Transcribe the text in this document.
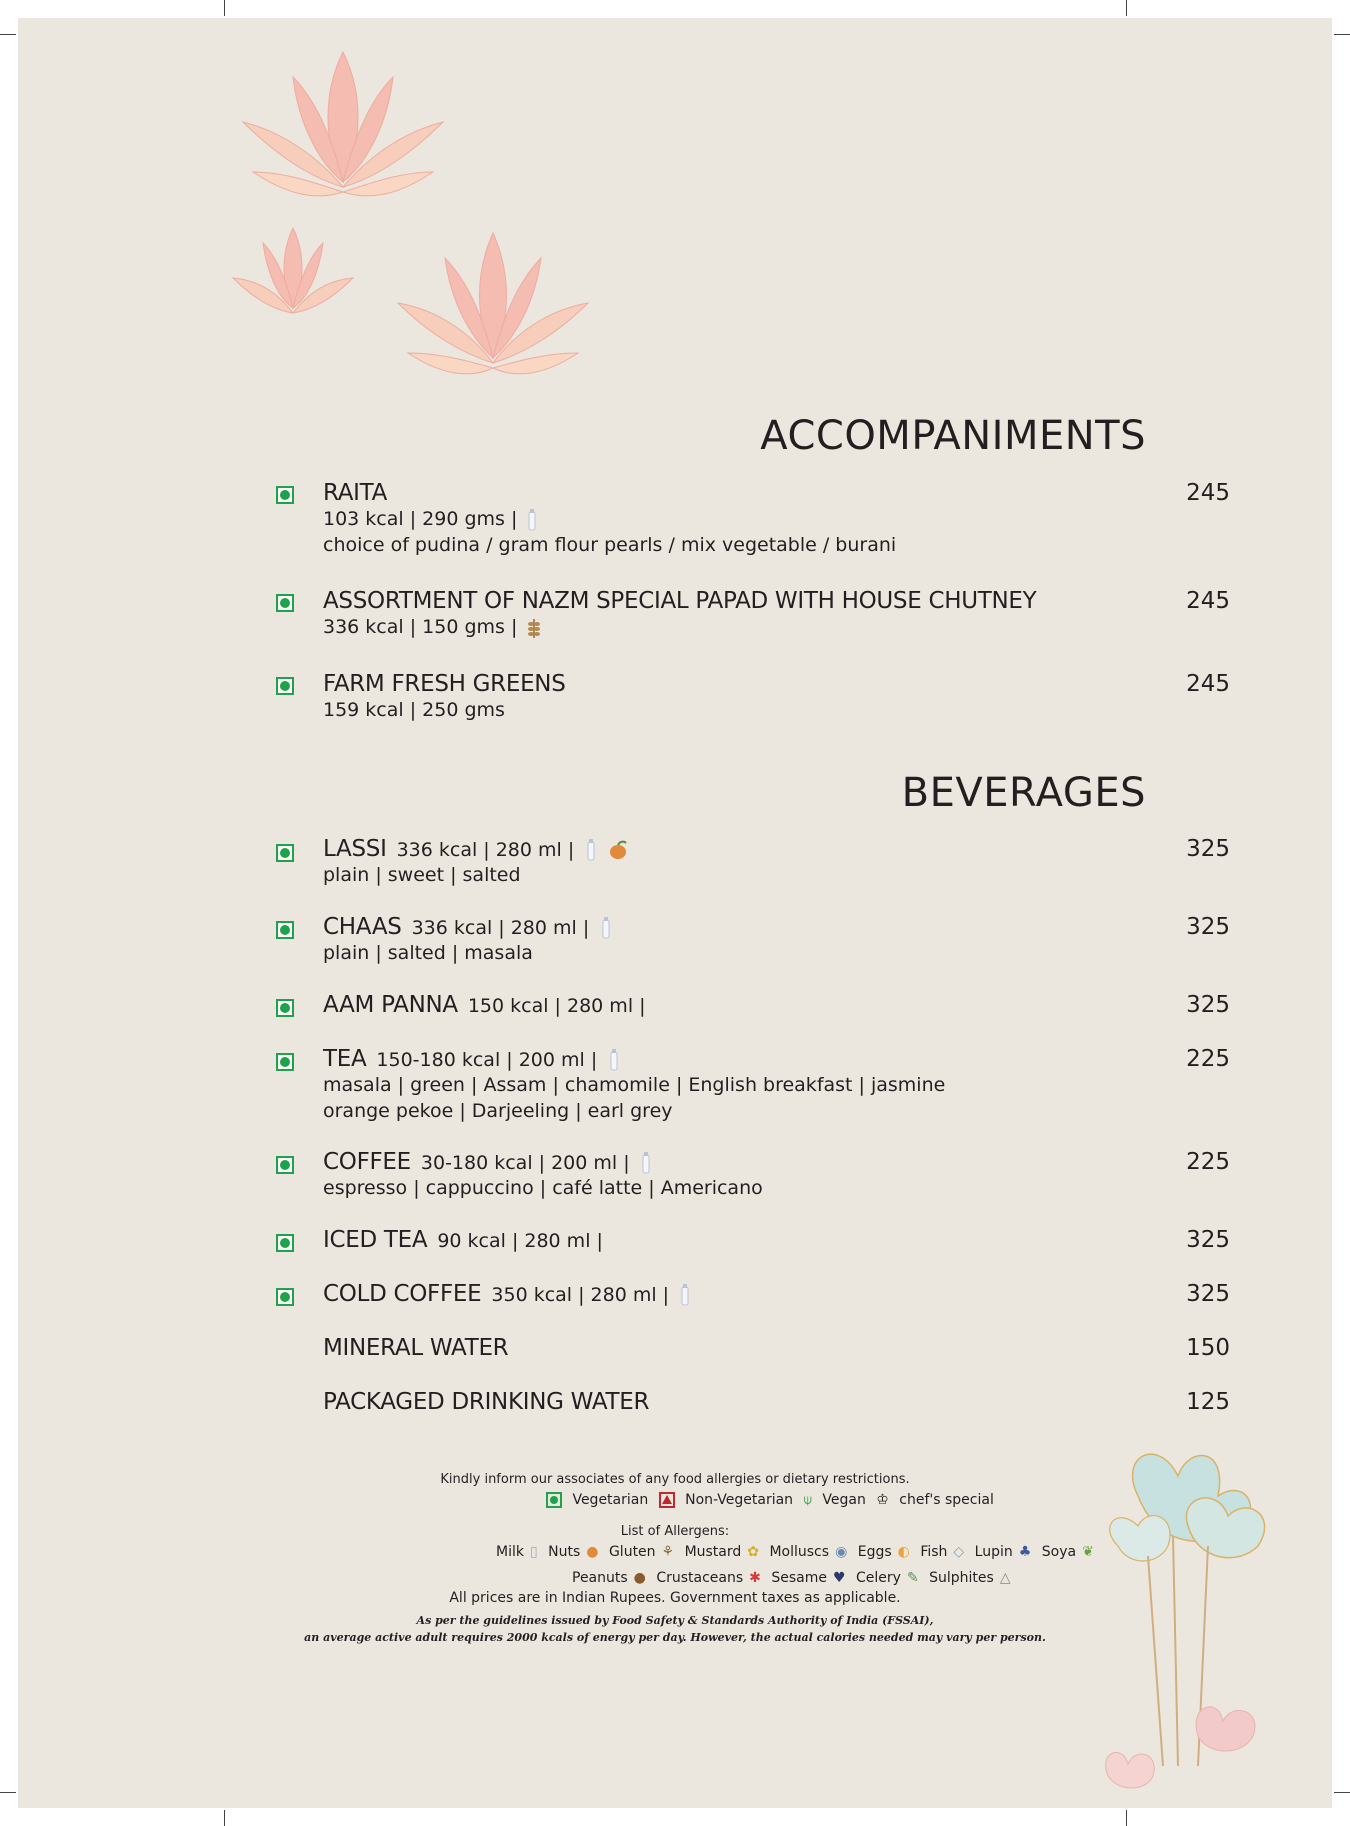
ACCOMPANIMENTS
RAITA
103 kcal | 290 gms |
choice of pudina / gram flour pearls / mix vegetable / burani
245
ASSORTMENT OF NAZM SPECIAL PAPAD WITH HOUSE CHUTNEY
336 kcal | 150 gms |
245
FARM FRESH GREENS
159 kcal | 250 gms
245
BEVERAGES
LASSI 336 kcal | 280 ml |
plain | sweet | salted
325
CHAAS 336 kcal | 280 ml |
plain | salted | masala
325
AAM PANNA 150 kcal | 280 ml |	325
TEA 150-180 kcal | 200 ml |
masala | green | Assam | chamomile | English breakfast | jasmine
orange pekoe | Darjeeling | earl grey
225
COFFEE 30-180 kcal | 200 ml |
espresso | cappuccino | café latte | Americano
225
ICED TEA 90 kcal | 280 ml |	325
COLD COFFEE 350 kcal | 280 ml |	325
MINERAL WATER	150
PACKAGED DRINKING WATER	125
Kindly inform our associates of any food allergies or dietary restrictions.
Vegetarian	Non-Vegetarian ⍦ Vegan ♔ chef's special
List of Allergens:
Milk ▯ Nuts ● Gluten ⚘ Mustard ✿ Molluscs ◉ Eggs ◐ Fish ◇ Lupin ♣ Soya ❦
Peanuts ● Crustaceans ✱ Sesame ♥ Celery ✎ Sulphites △
All prices are in Indian Rupees. Government taxes as applicable.
As per the guidelines issued by Food Safety & Standards Authority of India (FSSAI),
an average active adult requires 2000 kcals of energy per day. However, the actual calories needed may vary per person.
